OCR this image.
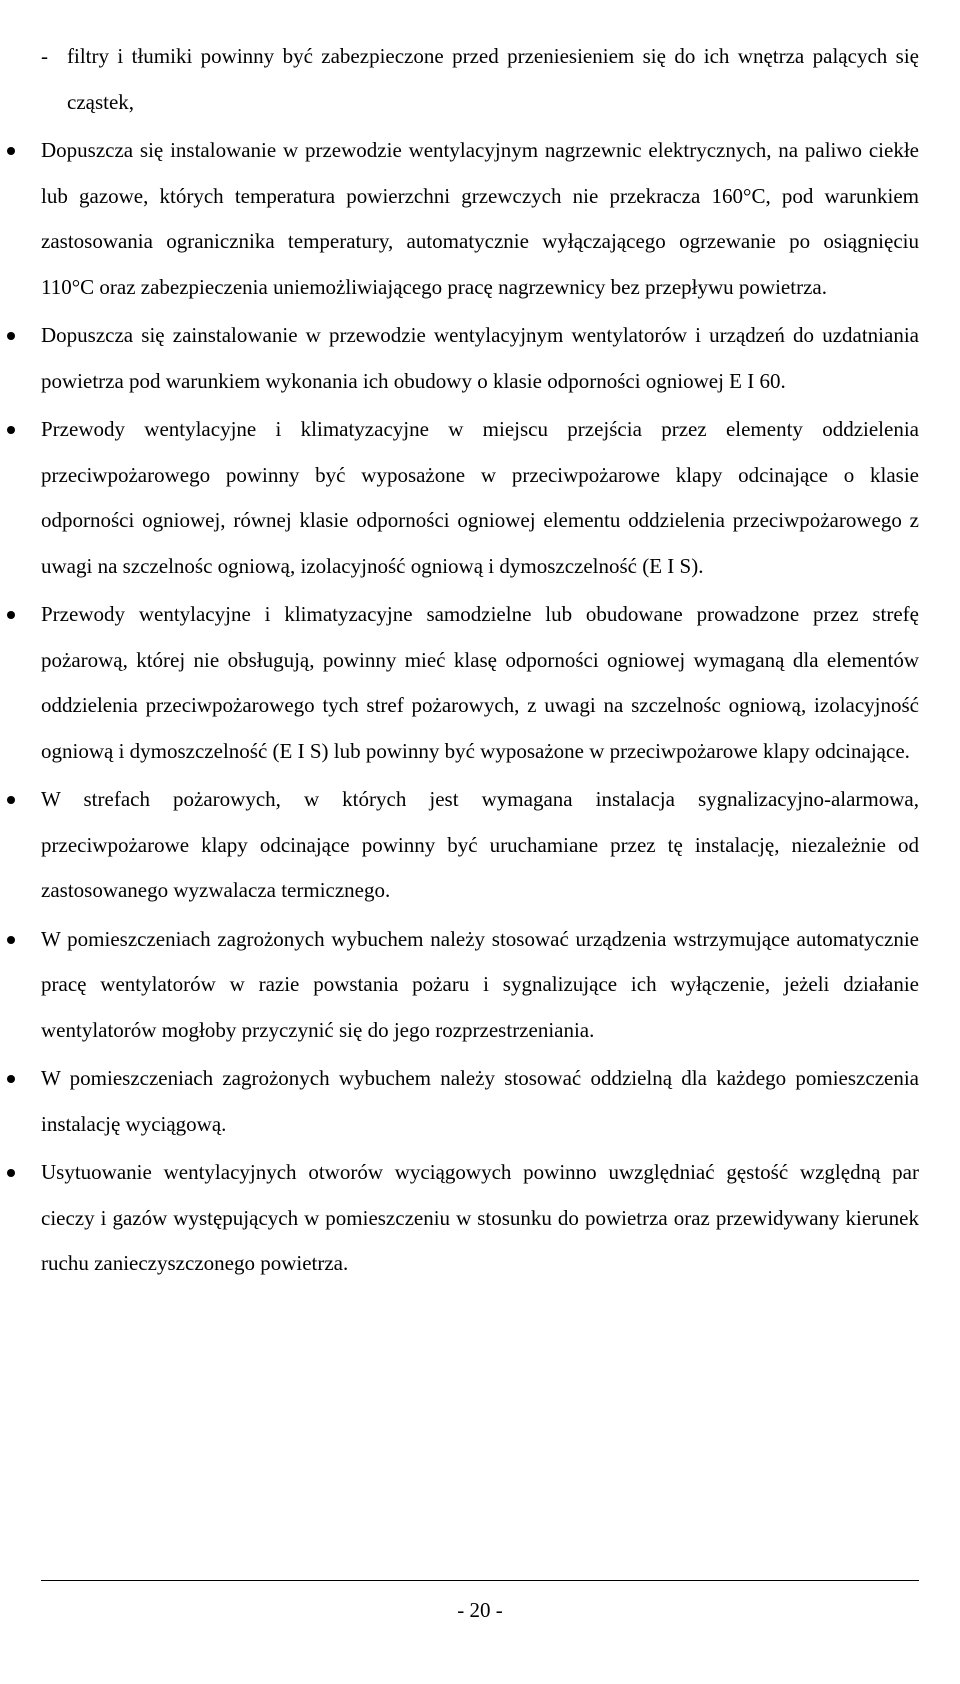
- filtry i tłumiki powinny być zabezpieczone przed przeniesieniem się do ich wnętrza palących się cząstek,
Dopuszcza się instalowanie w przewodzie wentylacyjnym nagrzewnic elektrycznych, na paliwo ciekłe lub gazowe, których temperatura powierzchni grzewczych nie przekracza 160°C, pod warunkiem zastosowania ogranicznika temperatury, automatycznie wyłączającego ogrzewanie po osiągnięciu 110°C oraz zabezpieczenia uniemożliwiającego pracę nagrzewnicy bez przepływu powietrza.
Dopuszcza się zainstalowanie w przewodzie wentylacyjnym wentylatorów i urządzeń do uzdatniania powietrza pod warunkiem wykonania ich obudowy o klasie odporności ogniowej E I 60.
Przewody wentylacyjne i klimatyzacyjne w miejscu przejścia przez elementy oddzielenia przeciwpożarowego powinny być wyposażone w przeciwpożarowe klapy odcinające o klasie odporności ogniowej, równej klasie odporności ogniowej elementu oddzielenia przeciwpożarowego z uwagi na szczelnośc ogniową, izolacyjność ogniową i dymoszczelność (E I S).
Przewody wentylacyjne i klimatyzacyjne samodzielne lub obudowane prowadzone przez strefę pożarową, której nie obsługują, powinny mieć klasę odporności ogniowej wymaganą dla elementów oddzielenia przeciwpożarowego tych stref pożarowych, z uwagi na szczelnośc ogniową, izolacyjność ogniową i dymoszczelność (E I S) lub powinny być wyposażone w przeciwpożarowe klapy odcinające.
W strefach pożarowych, w których jest wymagana instalacja sygnalizacyjno-alarmowa, przeciwpożarowe klapy odcinające powinny być uruchamiane przez tę instalację, niezależnie od zastosowanego wyzwalacza termicznego.
W pomieszczeniach zagrożonych wybuchem należy stosować urządzenia wstrzymujące automatycznie pracę wentylatorów w razie powstania pożaru i sygnalizujące ich wyłączenie, jeżeli działanie wentylatorów mogłoby przyczynić się do jego rozprzestrzeniania.
W pomieszczeniach zagrożonych wybuchem należy stosować oddzielną dla każdego pomieszczenia instalację wyciągową.
Usytuowanie wentylacyjnych otworów wyciągowych powinno uwzględniać gęstość względną par cieczy i gazów występujących w pomieszczeniu w stosunku do powietrza oraz przewidywany kierunek ruchu zanieczyszczonego powietrza.
- 20 -
